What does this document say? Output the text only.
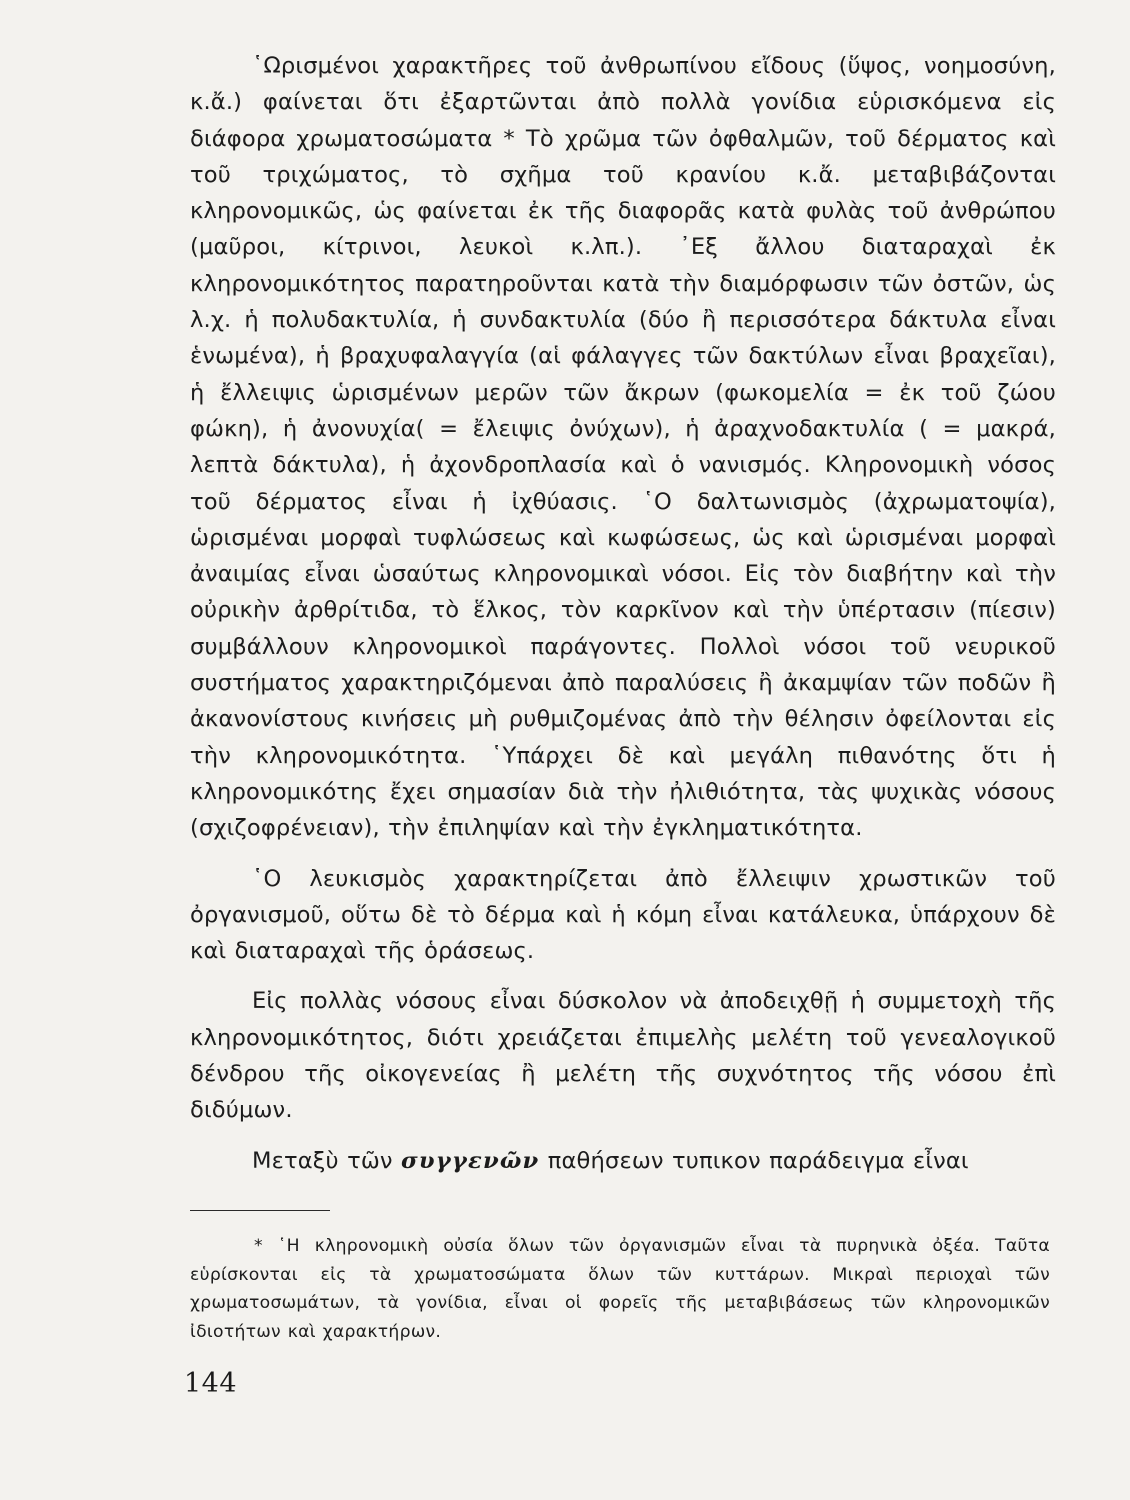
῾Ωρισμένοι χαρακτῆρες τοῦ ἀνθρωπίνου εἴδους (ὕψος, νοημοσύνη, κ.ἄ.) φαίνεται ὅτι ἐξαρτῶνται ἀπὸ πολλὰ γονίδια εὑρισκόμενα εἰς διάφορα χρωματοσώματα * Τὸ χρῶμα τῶν ὀφθαλμῶν, τοῦ δέρματος καὶ τοῦ τριχώματος, τὸ σχῆμα τοῦ κρανίου κ.ἄ. μεταβιβάζονται κληρονομικῶς, ὡς φαίνεται ἐκ τῆς διαφορᾶς κατὰ φυλὰς τοῦ ἀνθρώπου (μαῦροι, κίτρινοι, λευκοὶ κ.λπ.). ᾿Εξ ἄλλου διαταραχαὶ ἐκ κληρονομικότητος παρατηροῦνται κατὰ τὴν διαμόρφωσιν τῶν ὀστῶν, ὡς λ.χ. ἡ πολυδακτυλία, ἡ συνδακτυλία (δύο ἢ περισσότερα δάκτυλα εἶναι ἑνωμένα), ἡ βραχυφαλαγγία (αἱ φάλαγγες τῶν δακτύλων εἶναι βραχεῖαι), ἡ ἔλλειψις ὡρισμένων μερῶν τῶν ἄκρων (φωκομελία = ἐκ τοῦ ζώου φώκη), ἡ ἀνονυχία( = ἔλειψις ὀνύχων), ἡ ἀραχνοδακτυλία ( = μακρά, λεπτὰ δάκτυλα), ἡ ἀχονδροπλασία καὶ ὁ νανισμός. Κληρονομικὴ νόσος τοῦ δέρματος εἶναι ἡ ἰχθύασις. ῾Ο δαλτωνισμὸς (ἀχρωματοψία), ὡρισμέναι μορφαὶ τυφλώσεως καὶ κωφώσεως, ὡς καὶ ὡρισμέναι μορφαὶ ἀναιμίας εἶναι ὡσαύτως κληρονομικαὶ νόσοι. Εἰς τὸν διαβήτην καὶ τὴν οὐρικὴν ἀρθρίτιδα, τὸ ἕλκος, τὸν καρκῖνον καὶ τὴν ὑπέρτασιν (πίεσιν) συμβάλλουν κληρονομικοὶ παράγοντες. Πολλοὶ νόσοι τοῦ νευρικοῦ συστήματος χαρακτηριζόμεναι ἀπὸ παραλύσεις ἢ ἀκαμψίαν τῶν ποδῶν ἢ ἀκανονίστους κινήσεις μὴ ρυθμιζομένας ἀπὸ τὴν θέλησιν ὀφείλονται εἰς τὴν κληρονομικότητα. ῾Υπάρχει δὲ καὶ μεγάλη πιθανότης ὅτι ἡ κληρονομικότης ἔχει σημασίαν διὰ τὴν ἠλιθιότητα, τὰς ψυχικὰς νόσους (σχιζοφρένειαν), τὴν ἐπιληψίαν καὶ τὴν ἐγκληματικότητα.

῾Ο λευκισμὸς χαρακτηρίζεται ἀπὸ ἔλλειψιν χρωστικῶν τοῦ ὀργανισμοῦ, οὕτω δὲ τὸ δέρμα καὶ ἡ κόμη εἶναι κατάλευκα, ὑπάρχουν δὲ καὶ διαταραχαὶ τῆς ὁράσεως.

Εἰς πολλὰς νόσους εἶναι δύσκολον νὰ ἀποδειχθῇ ἡ συμμετοχὴ τῆς κληρονομικότητος, διότι χρειάζεται ἐπιμελὴς μελέτη τοῦ γενεαλογικοῦ δένδρου τῆς οἰκογενείας ἢ μελέτη τῆς συχνότητος τῆς νόσου ἐπὶ διδύμων.

Μεταξὺ τῶν συγγενῶν παθήσεων τυπικον παράδειγμα εἶναι

* ῾Η κληρονομικὴ οὐσία ὅλων τῶν ὀργανισμῶν εἶναι τὰ πυρηνικὰ ὀξέα. Ταῦτα εὑρίσκονται εἰς τὰ χρωματοσώματα ὅλων τῶν κυττάρων. Μικραὶ περιοχαὶ τῶν χρωματοσωμάτων, τὰ γονίδια, εἶναι οἱ φορεῖς τῆς μεταβιβάσεως τῶν κληρονομικῶν ἰδιοτήτων καὶ χαρακτήρων.

144
